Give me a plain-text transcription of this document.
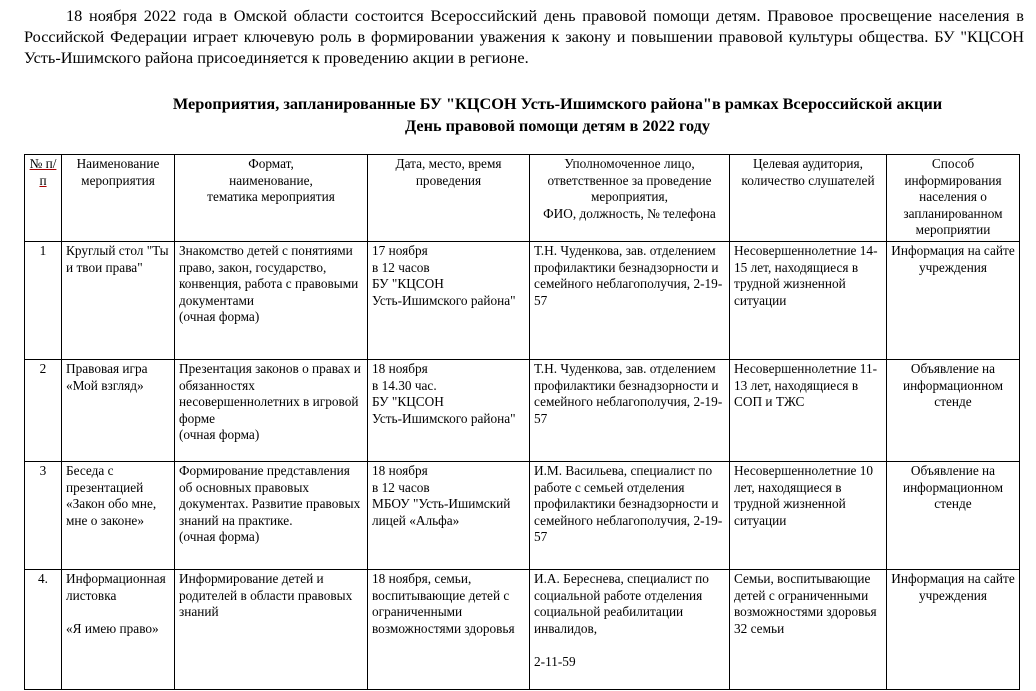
18 ноября 2022 года в Омской области состоится Всероссийский день правовой помощи детям. Правовое просвещение населения в Российской Федерации играет ключевую роль в формировании уважения к закону и повышении правовой культуры общества. БУ "КЦСОН Усть-Ишимского района присоединяется к проведению акции в регионе.
Мероприятия, запланированные БУ "КЦСОН Усть-Ишимского района"в рамках Всероссийской акции
День правовой помощи детям в 2022 году
№ п/п	Наименование мероприятия	Формат,
наименование,
тематика мероприятия	Дата, место, время проведения	Уполномоченное лицо, ответственное за проведение мероприятия,
ФИО, должность, № телефона	Целевая аудитория, количество слушателей	Способ информирования населения о запланированном мероприятии
1	Круглый стол "Ты и твои права"	Знакомство детей с понятиями право, закон, государство, конвенция, работа с правовыми документами
(очная форма)	17 ноября
в 12 часов
БУ "КЦСОН
Усть-Ишимского района"	Т.Н. Чуденкова, зав. отделением профилактики безнадзорности и семейного неблагополучия, 2-19-57	Несовершеннолетние 14-15 лет, находящиеся в трудной жизненной ситуации	Информация на сайте учреждения
2	Правовая игра «Мой взгляд»	Презентация законов о правах и обязанностях несовершеннолетних в игровой форме
(очная форма)	18 ноября
в 14.30 час.
БУ "КЦСОН
Усть-Ишимского района"	Т.Н. Чуденкова, зав. отделением профилактики безнадзорности и семейного неблагополучия, 2-19-57	Несовершеннолетние 11-13 лет, находящиеся в СОП и ТЖС	Объявление на информационном стенде
3	Беседа с презентацией «Закон обо мне, мне о законе»	Формирование представления об основных правовых документах. Развитие правовых знаний на практике.
(очная форма)	18 ноября
в 12 часов
МБОУ "Усть-Ишимский лицей «Альфа»	И.М. Васильева, специалист по работе с семьей отделения профилактики безнадзорности и семейного неблагополучия, 2-19-57	Несовершеннолетние 10 лет, находящиеся в трудной жизненной ситуации	Объявление на информационном стенде
4.	Информационная листовка

«Я имею право»	Информирование детей и родителей в области правовых знаний	18 ноября, семьи, воспитывающие детей с ограниченными возможностями здоровья	И.А. Береснева, специалист по социальной работе отделения социальной реабилитации инвалидов,

2-11-59	Семьи, воспитывающие детей с ограниченными возможностями здоровья
32 семьи	Информация на сайте учреждения
